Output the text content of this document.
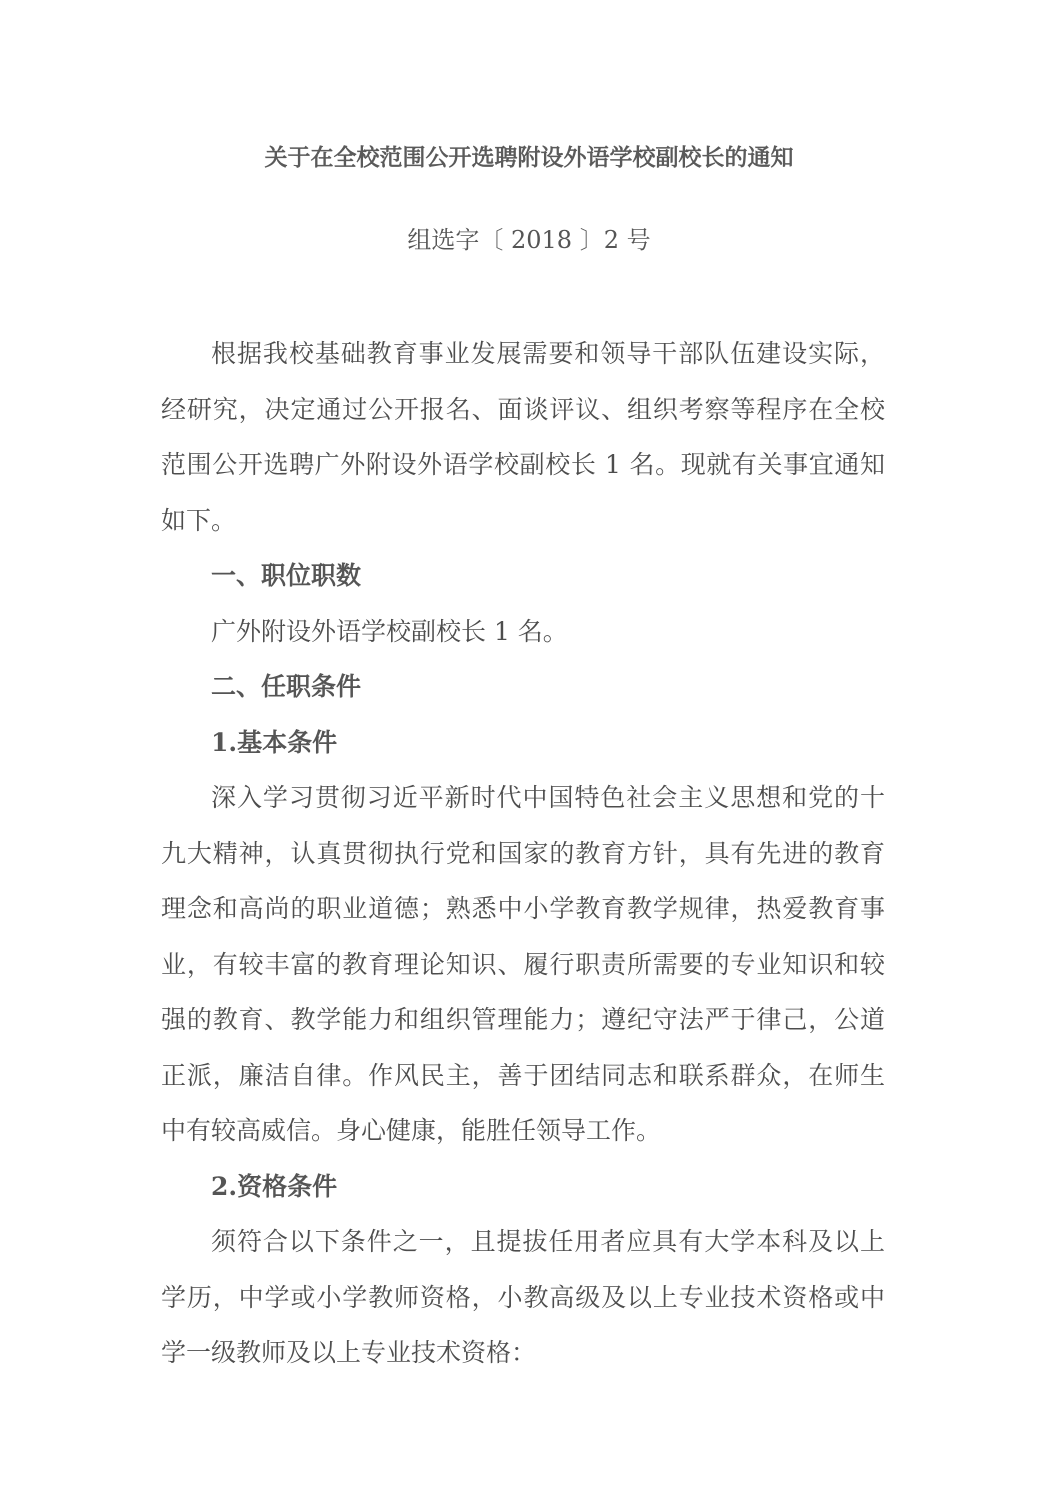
关于在全校范围公开选聘附设外语学校副校长的通知
组选字〔 2018 〕2 号

根据我校基础教育事业发展需要和领导干部队伍建设实际，经研究，决定通过公开报名、面谈评议、组织考察等程序在全校范围公开选聘广外附设外语学校副校长 1 名。现就有关事宜通知如下。

一、职位职数

广外附设外语学校副校长 1 名。

二、任职条件

1.基本条件

深入学习贯彻习近平新时代中国特色社会主义思想和党的十九大精神，认真贯彻执行党和国家的教育方针，具有先进的教育理念和高尚的职业道德；熟悉中小学教育教学规律，热爱教育事业，有较丰富的教育理论知识、履行职责所需要的专业知识和较强的教育、教学能力和组织管理能力；遵纪守法严于律己，公道正派，廉洁自律。作风民主，善于团结同志和联系群众，在师生中有较高威信。身心健康，能胜任领导工作。

2.资格条件

须符合以下条件之一，且提拔任用者应具有大学本科及以上学历，中学或小学教师资格，小教高级及以上专业技术资格或中学一级教师及以上专业技术资格：
